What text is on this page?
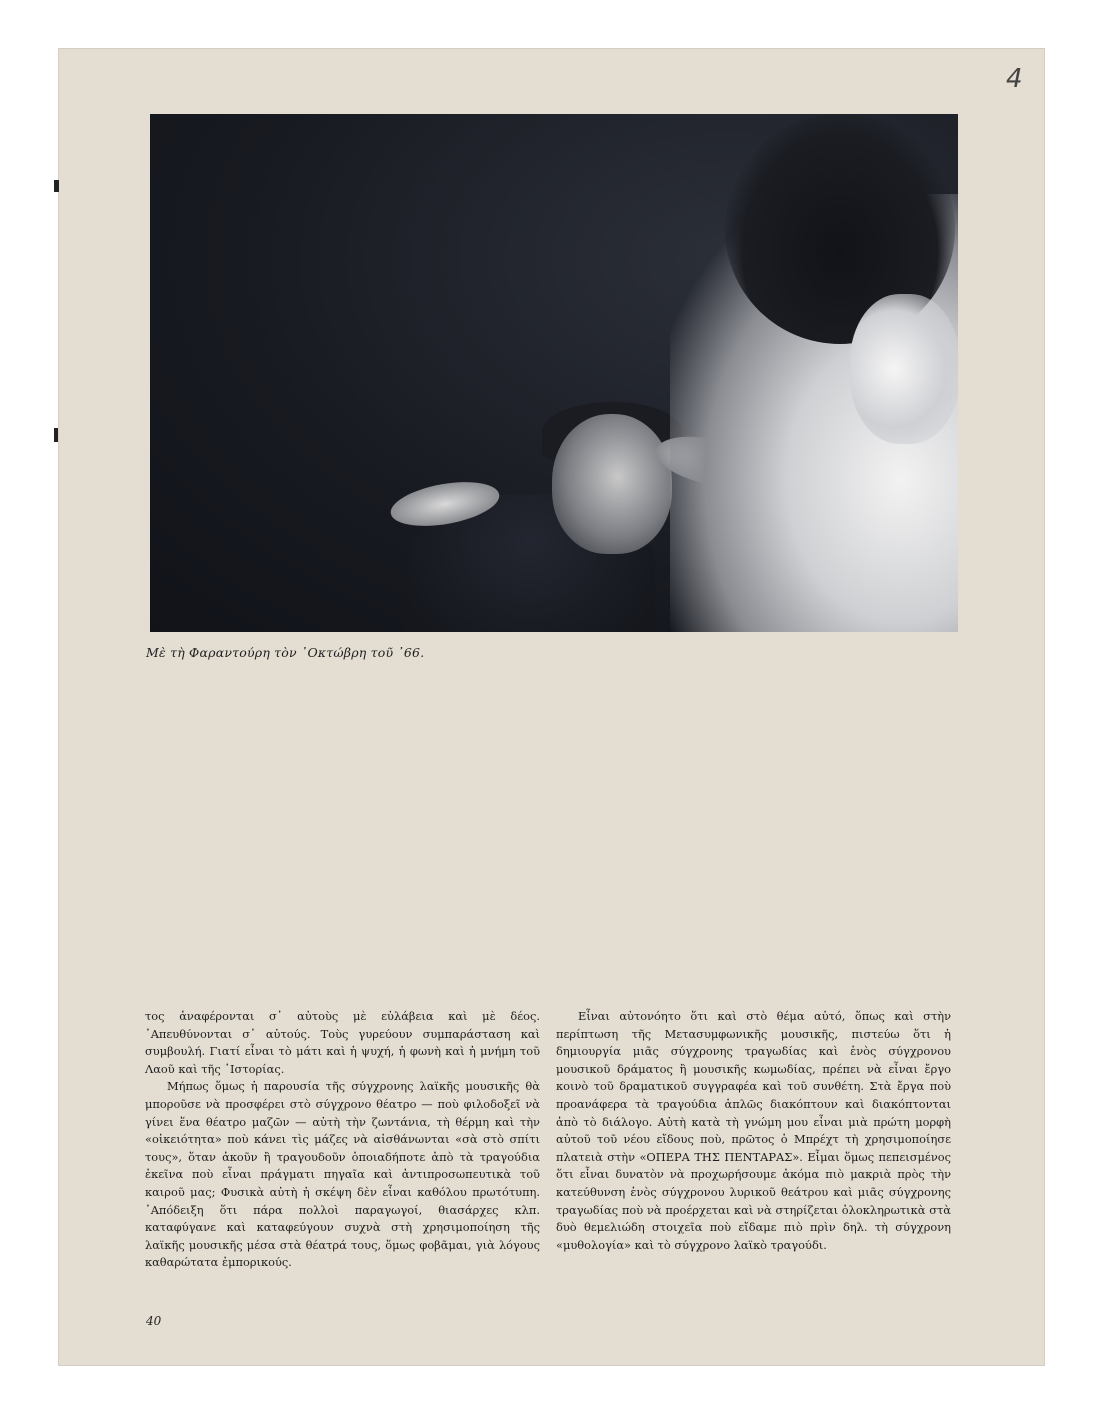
4
Μὲ τὴ Φαραντούρη τὸν ᾿Οκτώβρη τοῦ ᾿66.

τος ἀναφέρονται σ᾿ αὐτοὺς μὲ εὐλάβεια καὶ μὲ δέος. ᾿Απευθύνονται σ᾿ αὐτούς. Τοὺς γυρεύουν συμπαράσταση καὶ συμβουλή. Γιατί εἶναι τὸ μάτι καὶ ἡ ψυχή, ἡ φωνὴ καὶ ἡ μνήμη τοῦ Λαοῦ καὶ τῆς ῾Ιστορίας.

Μήπως ὅμως ἡ παρουσία τῆς σύγχρονης λαϊκῆς μουσικῆς θὰ μποροῦσε νὰ προσφέρει στὸ σύγχρονο θέατρο — ποὺ φιλοδοξεῖ νὰ γίνει ἕνα θέατρο μαζῶν — αὐτὴ τὴν ζωντάνια, τὴ θέρμη καὶ τὴν «οἰκειότητα» ποὺ κάνει τὶς μάζες νὰ αἰσθάνωνται «σὰ στὸ σπίτι τους», ὅταν ἀκοῦν ἢ τραγουδοῦν ὁποιαδήποτε ἀπὸ τὰ τραγούδια ἐκεῖνα ποὺ εἶναι πράγματι πηγαῖα καὶ ἀντιπροσωπευτικὰ τοῦ καιροῦ μας; Φυσικὰ αὐτὴ ἡ σκέψη δὲν εἶναι καθόλου πρωτότυπη. ᾿Απόδειξη ὅτι πάρα πολλοὶ παραγωγοί, θιασάρχες κλπ. καταφύγανε καὶ καταφεύγουν συχνὰ στὴ χρησιμοποίηση τῆς λαϊκῆς μουσικῆς μέσα στὰ θέατρά τους, ὅμως φοβᾶμαι, γιὰ λόγους καθαρώτατα ἐμπορικούς.

Εἶναι αὐτονόητο ὅτι καὶ στὸ θέμα αὐτό, ὅπως καὶ στὴν περίπτωση τῆς Μετασυμφωνικῆς μουσικῆς, πιστεύω ὅτι ἡ δημιουργία μιᾶς σύγχρονης τραγωδίας καὶ ἑνὸς σύγχρονου μουσικοῦ δράματος ἢ μουσικῆς κωμωδίας, πρέπει νὰ εἶναι ἔργο κοινὸ τοῦ δραματικοῦ συγγραφέα καὶ τοῦ συνθέτη. Στὰ ἔργα ποὺ προανάφερα τὰ τραγούδια ἁπλῶς διακόπτουν καὶ διακόπτονται ἀπὸ τὸ διάλογο. Αὐτὴ κατὰ τὴ γνώμη μου εἶναι μιὰ πρώτη μορφὴ αὐτοῦ τοῦ νέου εἴδους ποὺ, πρῶτος ὁ Μπρέχτ τὴ χρησιμοποίησε πλατειὰ στὴν «ΟΠΕΡΑ ΤΗΣ ΠΕΝΤΑΡΑΣ». Εἶμαι ὅμως πεπεισμένος ὅτι εἶναι δυνατὸν νὰ προχωρήσουμε ἀκόμα πιὸ μακριὰ πρὸς τὴν κατεύθυνση ἑνὸς σύγχρονου λυρικοῦ θεάτρου καὶ μιᾶς σύγχρονης τραγωδίας ποὺ νὰ προέρχεται καὶ νὰ στηρίζεται ὁλοκληρωτικὰ στὰ δυὸ θεμελιώδη στοιχεῖα ποὺ εἴδαμε πιὸ πρὶν δηλ. τὴ σύγχρονη «μυθολογία» καὶ τὸ σύγχρονο λαϊκὸ τραγούδι.

40
